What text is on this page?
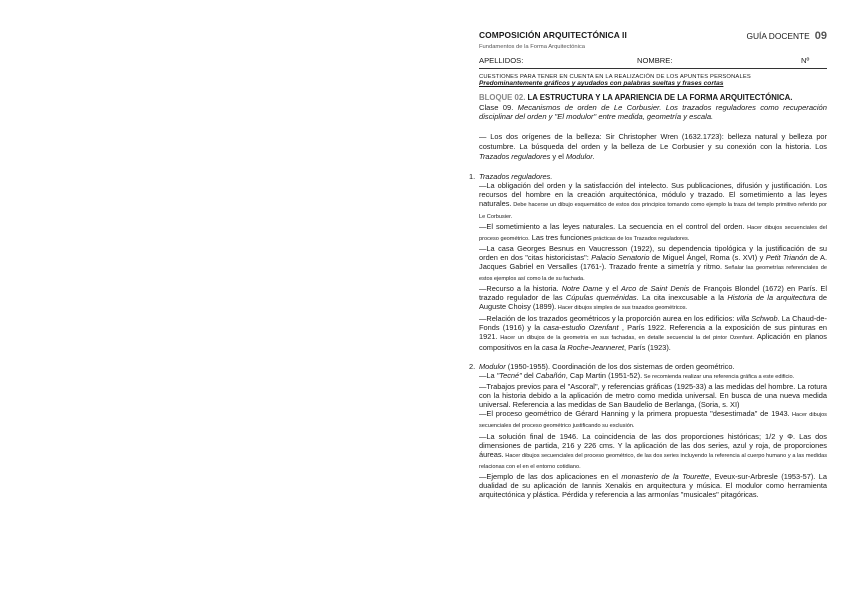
COMPOSICIÓN ARQUITECTÓNICA II	GUÍA DOCENTE 09
Fundamentos de la Forma Arquitectónica
APELLIDOS:	NOMBRE:	Nº
CUESTIONES PARA TENER EN CUENTA EN LA REALIZACIÓN DE LOS APUNTES PERSONALES
Predominantemente gráficos y ayudados con palabras sueltas y frases cortas
BLOQUE 02. LA ESTRUCTURA Y LA APARIENCIA DE LA FORMA ARQUITECTÓNICA.
Clase 09. Mecanismos de orden de Le Corbusier. Los trazados reguladores como recuperación disciplinar del orden y "El modulor" entre medida, geometría y escala.
— Los dos orígenes de la belleza: Sir Christopher Wren (1632.1723): belleza natural y belleza por costumbre. La búsqueda del orden y la belleza de Le Corbusier y su conexión con la historia. Los Trazados reguladores y el Modulor.
1. Trazados reguladores.

—La obligación del orden y la satisfacción del intelecto. Sus publicaciones, difusión y justificación. Los recursos del hombre en la creación arquitectónica, módulo y trazado. El sometimiento a las leyes naturales. Debe hacerse un dibujo esquemático de estos dos principios tomando como ejemplo la traza del templo primitivo referido por Le Corbusier.

—El sometimiento a las leyes naturales. La secuencia en el control del orden. Hacer dibujos secuenciales del proceso geométrico. Las tres funciones prácticas de los Trazados reguladores.

—La casa Georges Besnus en Vaucresson (1922), su dependencia tipológica y la justificación de su orden en dos "citas historicistas": Palacio Senatorio de Miguel Ángel, Roma (s. XVI) y Petit Trianón de A. Jacques Gabriel en Versalles (1761-). Trazado frente a simetría y ritmo. Señalar las geometrías referenciales de estos ejemplos así como la de su fachada.

—Recurso a la historia. Notre Dame y el Arco de Saint Denis de François Blondel (1672) en París. El trazado regulador de las Cúpulas queménidas. La cita inexcusable a la Historia de la arquitectura de Auguste Choisy (1899). Hacer dibujos simples de sus trazados geométricos.

—Relación de los trazados geométricos y la proporción aurea en los edificios: villa Schwob. La Chaud-de-Fonds (1916) y la casa-estudio Ozenfant , París 1922. Referencia a la exposición de sus pinturas en 1921. Hacer un dibujos de la geometría en sus fachadas, en detalle secuencial la del pintor Ozenfant. Aplicación en planos compositivos en la casa la Roche-Jeanneret, París (1923).

2. Modulor (1950-1955). Coordinación de los dos sistemas de orden geométrico.

—La "Tecné" del Cabañón, Cap Martin (1951-52). Se recomienda realizar una referencia gráfica a este edificio.

—Trabajos previos para el "Ascoral", y referencias gráficas (1925-33) a las medidas del hombre. La rotura con la historia debido a la aplicación de metro como medida universal. En busca de una nueva medida universal. Referencia a las medidas de San Baudelio de Berlanga, (Soria, s. XI)

—El proceso geométrico de Gérard Hanning y la primera propuesta "desestimada" de 1943. Hacer dibujos secuenciales del proceso geométrico justificando su exclusión.

—La solución final de 1946. La coincidencia de las dos proporciones históricas; 1/2 y Φ. Las dos dimensiones de partida, 216 y 226 cms. Y la aplicación de las dos series, azul y roja, de proporciones áureas. Hacer dibujos secuenciales del proceso geométrico, de las dos series incluyendo la referencia al cuerpo humano y a las medidas relacionas con el en el entorno cotidiano.

—Ejemplo de las dos aplicaciones en el monasterio de la Tourette, Eveux-sur-Arbresle (1953-57). La dualidad de su aplicación de Iannis Xenakis en arquitectura y música. El modulor como herramienta arquitectónica y plástica. Pérdida y referencia a las armonías "musicales" pitagóricas.
